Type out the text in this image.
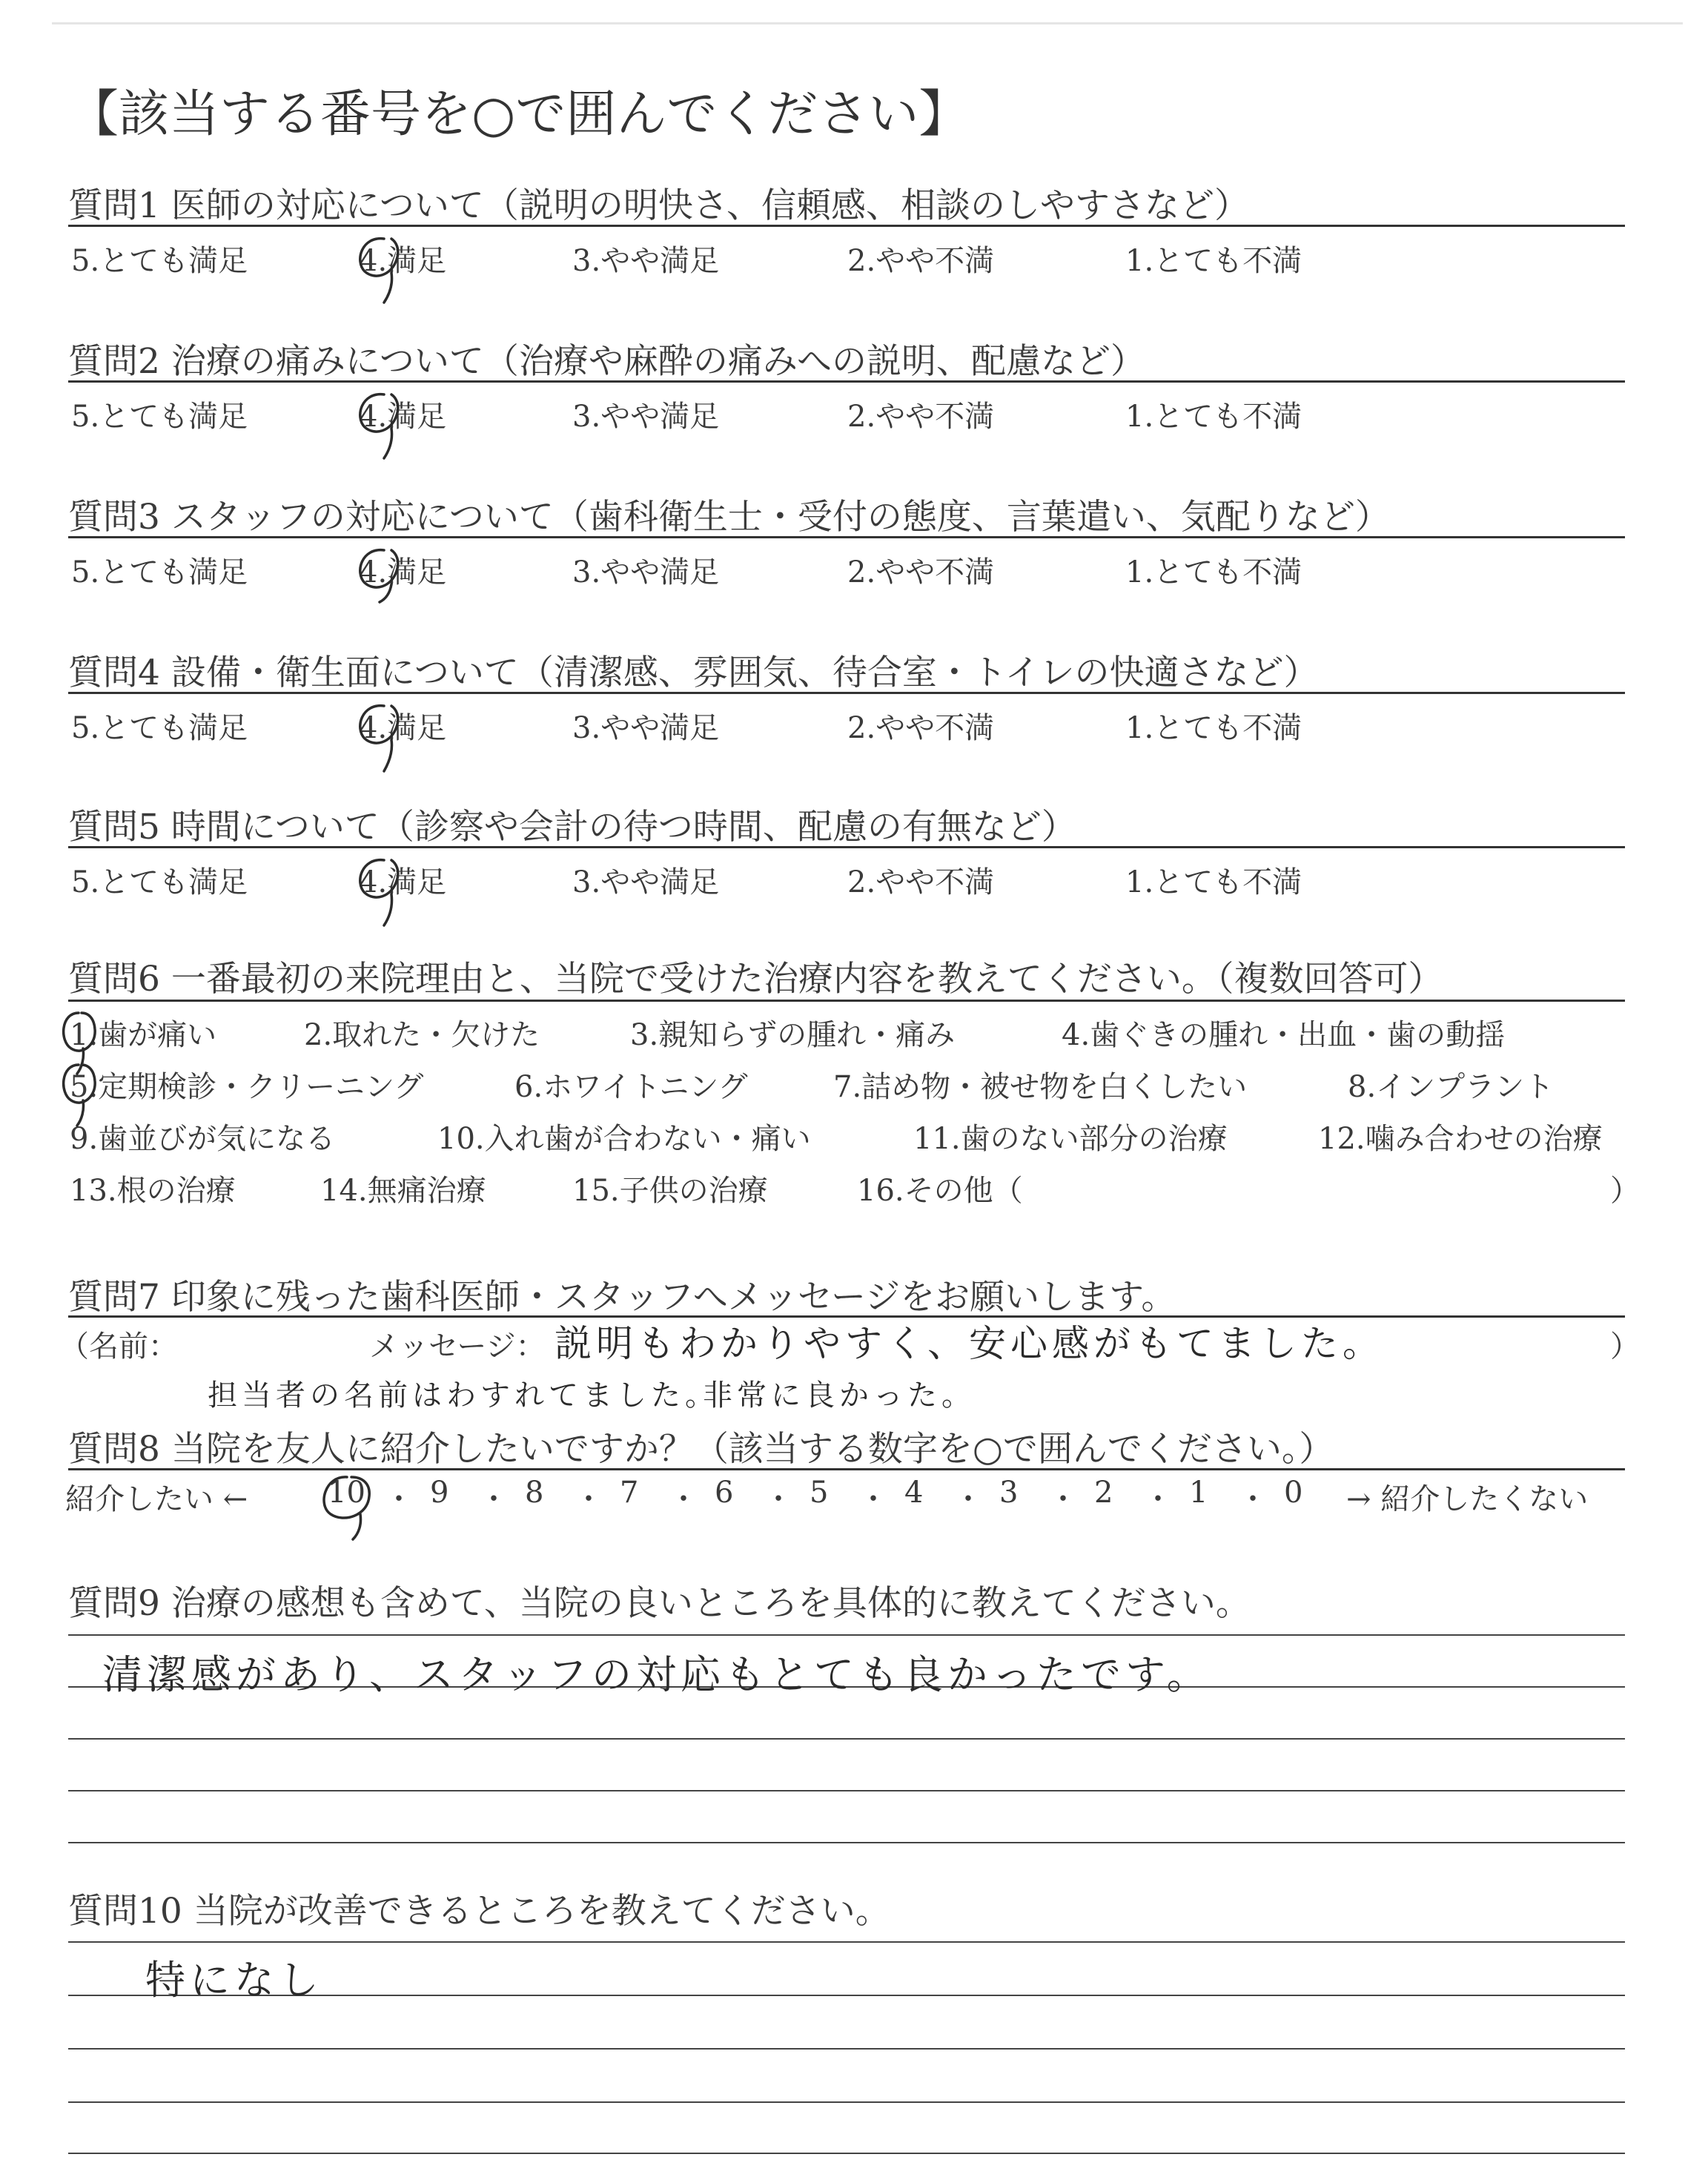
【該当する番号を○で囲んでください】
質問1 医師の対応について（説明の明快さ、信頼感、相談のしやすさなど）
5.とても満足	4.満足	3.やや満足	2.やや不満	1.とても不満
質問2 治療の痛みについて（治療や麻酔の痛みへの説明、配慮など）
5.とても満足	4.満足	3.やや満足	2.やや不満	1.とても不満
質問3 スタッフの対応について（歯科衛生士・受付の態度、言葉遣い、気配りなど）
5.とても満足	4.満足	3.やや満足	2.やや不満	1.とても不満
質問4 設備・衛生面について（清潔感、雰囲気、待合室・トイレの快適さなど）
5.とても満足	4.満足	3.やや満足	2.やや不満	1.とても不満
質問5 時間について（診察や会計の待つ時間、配慮の有無など）
5.とても満足	4.満足	3.やや満足	2.やや不満	1.とても不満
質問6 一番最初の来院理由と、当院で受けた治療内容を教えてください。（複数回答可）
1.歯が痛い	2.取れた・欠けた	3.親知らずの腫れ・痛み	4.歯ぐきの腫れ・出血・歯の動揺
5.定期検診・クリーニング	6.ホワイトニング	7.詰め物・被せ物を白くしたい	8.インプラント
9.歯並びが気になる	10.入れ歯が合わない・痛い	11.歯のない部分の治療	12.噛み合わせの治療
13.根の治療	14.無痛治療	15.子供の治療	16.その他（	）
質問7 印象に残った歯科医師・スタッフへメッセージをお願いします。
（名前：	メッセージ：	）
説明もわかりやすく、安心感がもてました。
担当者の名前はわすれてました。
非常に良かった。
質問8 当院を友人に紹介したいですか？（該当する数字を○で囲んでください。）
紹介したい ←	→ 紹介したくない
10 ・ 9 ・ 8 ・ 7 ・ 6 ・ 5 ・ 4 ・ 3 ・ 2 ・ 1 ・ 0
質問9 治療の感想も含めて、当院の良いところを具体的に教えてください。
清潔感があり、スタッフの対応もとても良かったです。
質問10 当院が改善できるところを教えてください。
特になし
